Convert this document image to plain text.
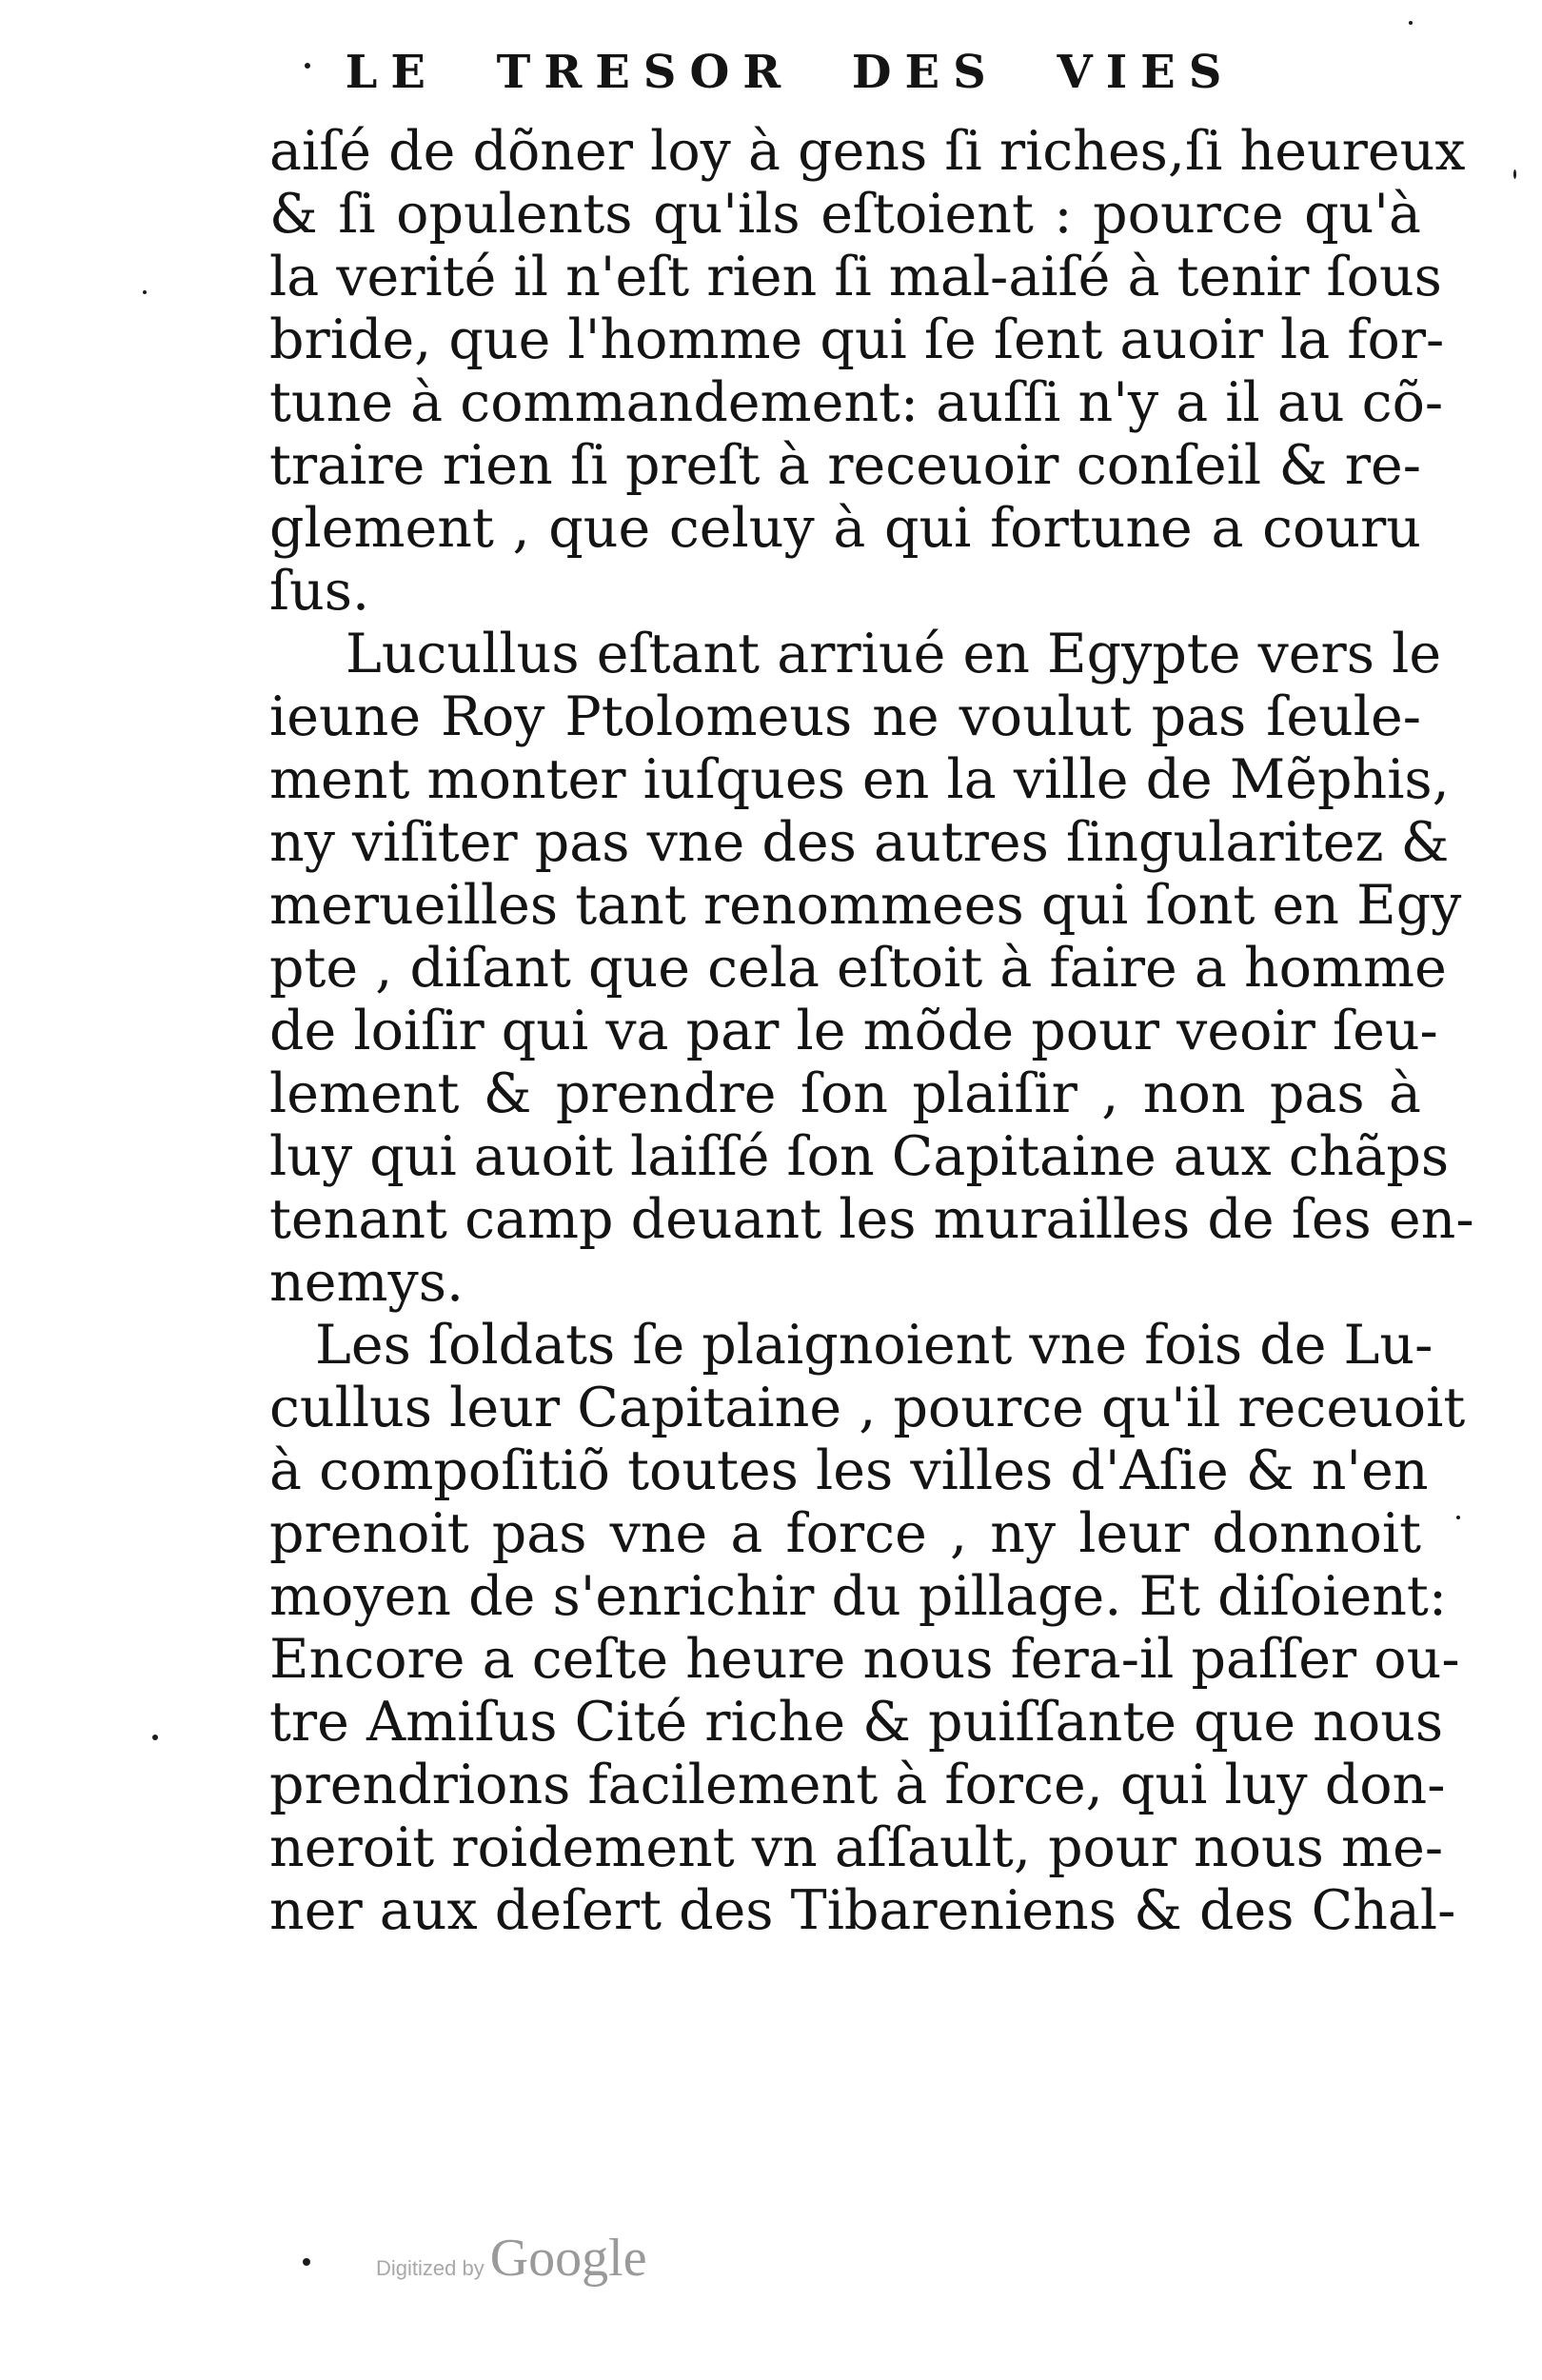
LE TRESOR DES VIES
aiſé de dõner loy à gens ſi riches,ſi heureux
& ſi opulents qu'ils eſtoient : pource qu'à
la verité il n'eſt rien ſi mal-aiſé à tenir ſous
bride, que l'homme qui ſe ſent auoir la for-
tune à commandement: auſſi n'y a il au cõ-
traire rien ſi preſt à receuoir conſeil & re-
glement , que celuy à qui fortune a couru
ſus.
Lucullus eſtant arriué en Egypte vers le
ieune Roy Ptolomeus ne voulut pas ſeule-
ment monter iuſques en la ville de Mẽphis,
ny viſiter pas vne des autres ſingularitez &
merueilles tant renommees qui ſont en Egy
pte , diſant que cela eſtoit à faire a homme
de loiſir qui va par le mõde pour veoir ſeu-
lement & prendre ſon plaiſir , non pas à
luy qui auoit laiſſé ſon Capitaine aux chãps
tenant camp deuant les murailles de ſes en-
nemys.
Les ſoldats ſe plaignoient vne fois de Lu-
cullus leur Capitaine , pource qu'il receuoit
à compoſitiõ toutes les villes d'Aſie & n'en
prenoit pas vne a force , ny leur donnoit
moyen de s'enrichir du pillage. Et diſoient:
Encore a ceſte heure nous fera-il paſſer ou-
tre Amiſus Cité riche & puiſſante que nous
prendrions facilement à force, qui luy don-
neroit roidement vn aſſault, pour nous me-
ner aux deſert des Tibareniens & des Chal-
Digitized by Google
